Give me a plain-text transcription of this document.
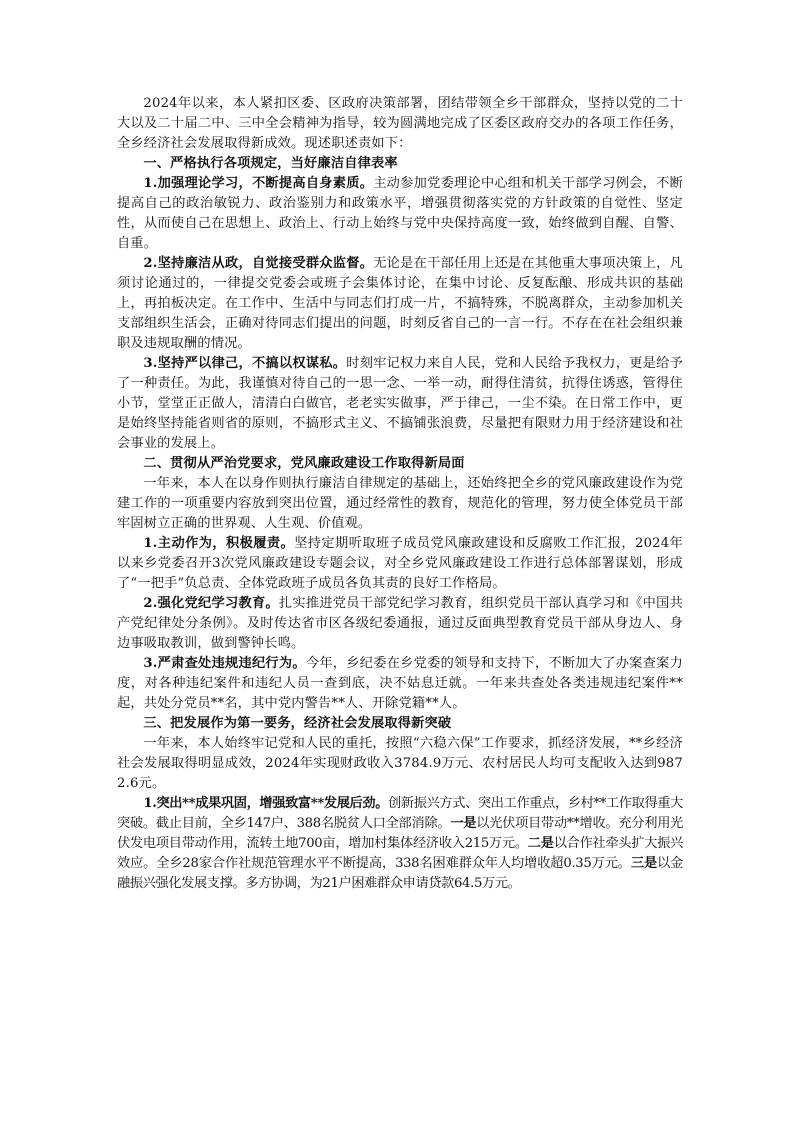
2024年以来，本人紧扣区委、区政府决策部署，团结带领全乡干部群众，坚持以党的二十大以及二十届二中、三中全会精神为指导，较为圆满地完成了区委区政府交办的各项工作任务，全乡经济社会发展取得新成效。现述职述责如下：

一、严格执行各项规定，当好廉洁自律表率

1.加强理论学习，不断提高自身素质。主动参加党委理论中心组和机关干部学习例会，不断提高自己的政治敏锐力、政治鉴别力和政策水平，增强贯彻落实党的方针政策的自觉性、坚定性，从而使自己在思想上、政治上、行动上始终与党中央保持高度一致，始终做到自醒、自警、自重。

2.坚持廉洁从政，自觉接受群众监督。无论是在干部任用上还是在其他重大事项决策上，凡须讨论通过的，一律提交党委会或班子会集体讨论，在集中讨论、反复酝酿、形成共识的基础上，再拍板决定。在工作中、生活中与同志们打成一片，不搞特殊，不脱离群众，主动参加机关支部组织生活会，正确对待同志们提出的问题，时刻反省自己的一言一行。不存在在社会组织兼职及违规取酬的情况。

3.坚持严以律己，不搞以权谋私。时刻牢记权力来自人民，党和人民给予我权力，更是给予了一种责任。为此，我谨慎对待自己的一思一念、一举一动，耐得住清贫，抗得住诱惑，管得住小节，堂堂正正做人，清清白白做官，老老实实做事，严于律己，一尘不染。在日常工作中，更是始终坚持能省则省的原则，不搞形式主义、不搞铺张浪费，尽量把有限财力用于经济建设和社会事业的发展上。

二、贯彻从严治党要求，党风廉政建设工作取得新局面

一年来，本人在以身作则执行廉洁自律规定的基础上，还始终把全乡的党风廉政建设作为党建工作的一项重要内容放到突出位置，通过经常性的教育，规范化的管理，努力使全体党员干部牢固树立正确的世界观、人生观、价值观。

1.主动作为，积极履责。坚持定期听取班子成员党风廉政建设和反腐败工作汇报，2024年以来乡党委召开3次党风廉政建设专题会议，对全乡党风廉政建设工作进行总体部署谋划，形成了“一把手”负总责、全体党政班子成员各负其责的良好工作格局。

2.强化党纪学习教育。扎实推进党员干部党纪学习教育，组织党员干部认真学习和《中国共产党纪律处分条例》。及时传达省市区各级纪委通报，通过反面典型教育党员干部从身边人、身边事吸取教训，做到警钟长鸣。

3.严肃查处违规违纪行为。今年，乡纪委在乡党委的领导和支持下，不断加大了办案查案力度，对各种违纪案件和违纪人员一查到底，决不姑息迁就。一年来共查处各类违规违纪案件**起，共处分党员**名，其中党内警告**人、开除党籍**人。

三、把发展作为第一要务，经济社会发展取得新突破

一年来，本人始终牢记党和人民的重托，按照“六稳六保”工作要求，抓经济发展，**乡经济社会发展取得明显成效，2024年实现财政收入3784.9万元、农村居民人均可支配收入达到9872.6元。

1.突出**成果巩固，增强致富**发展后劲。创新振兴方式、突出工作重点，乡村**工作取得重大突破。截止目前，全乡147户、388名脱贫人口全部消除。一是以光伏项目带动**增收。充分利用光伏发电项目带动作用，流转土地700亩，增加村集体经济收入215万元。二是以合作社牵头扩大振兴效应。全乡28家合作社规范管理水平不断提高，338名困难群众年人均增收超0.35万元。三是以金融振兴强化发展支撑。多方协调，为21户困难群众申请贷款64.5万元。
